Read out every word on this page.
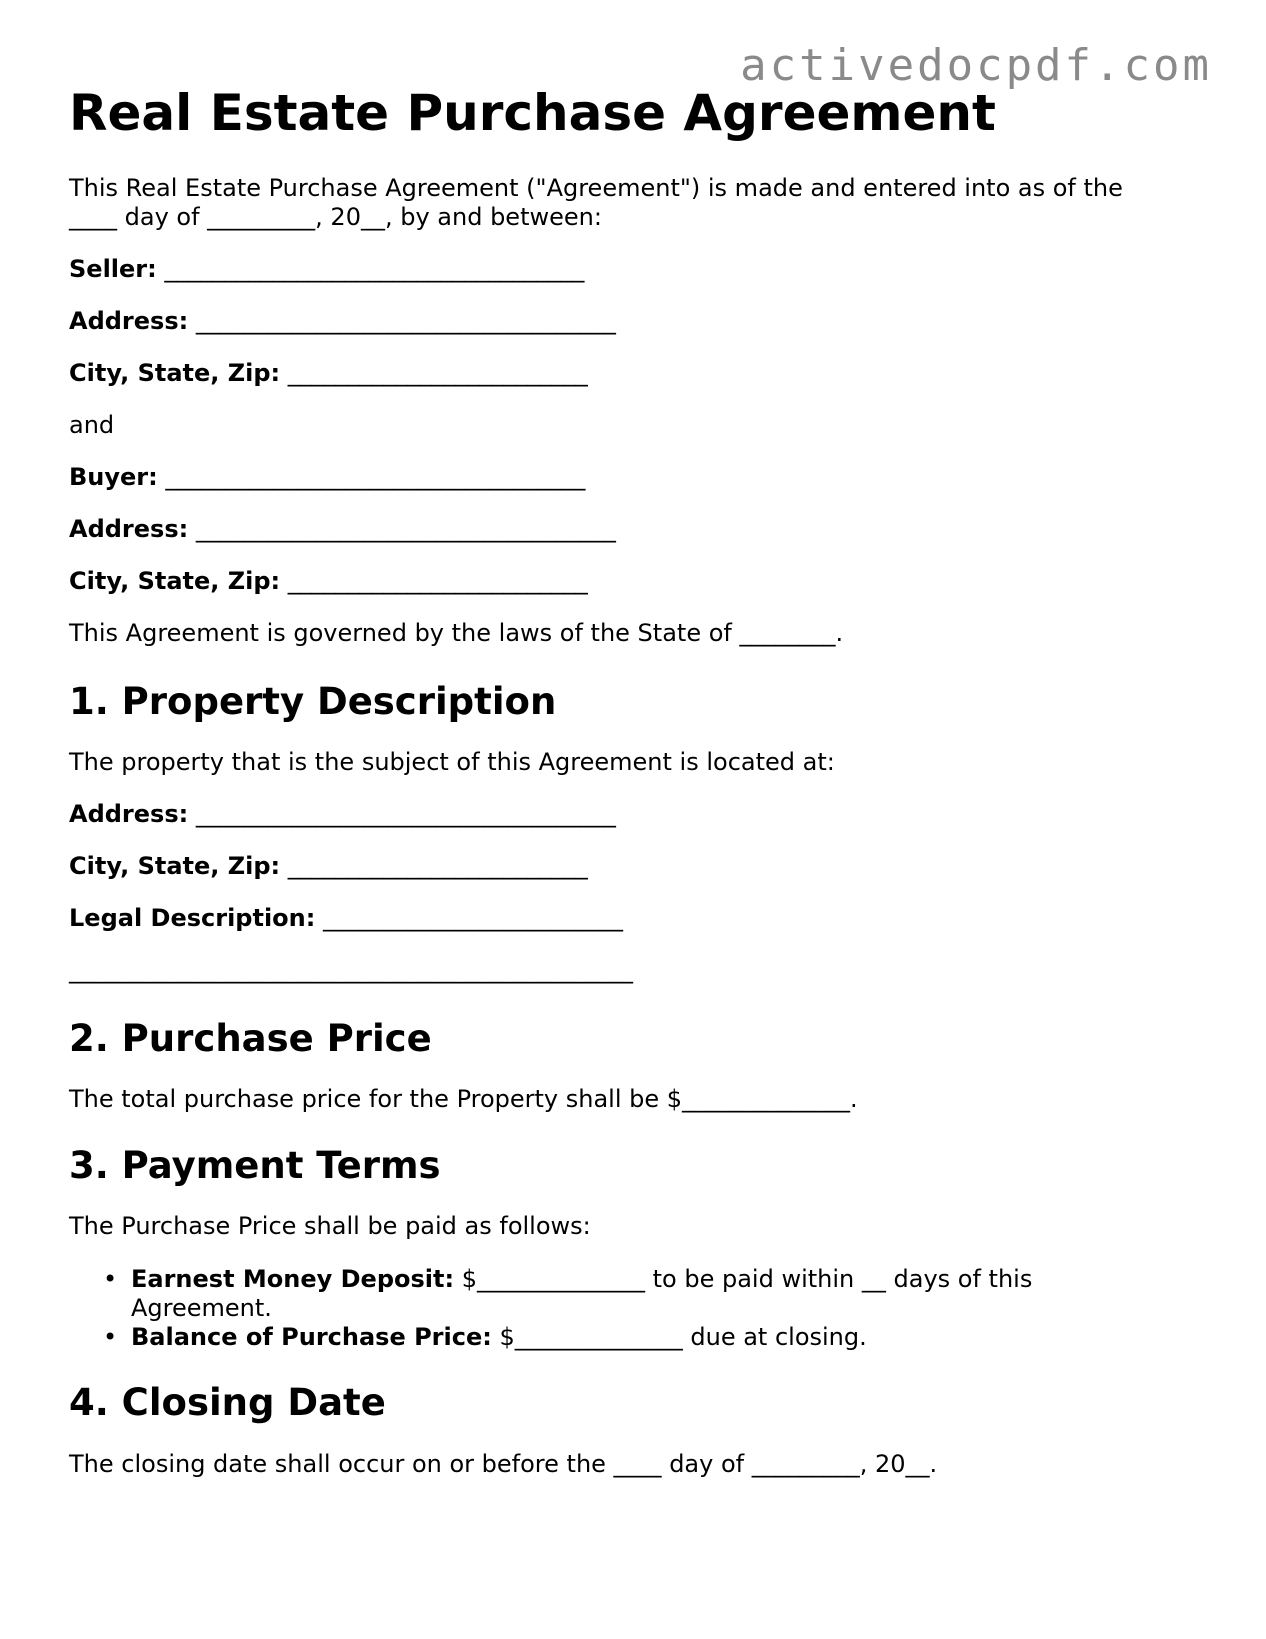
activedocpdf.com
Real Estate Purchase Agreement
This Real Estate Purchase Agreement ("Agreement") is made and entered into as of the
____ day of _________, 20__, by and between:
Seller: ___________________________________
Address: ___________________________________
City, State, Zip: _________________________
and
Buyer: ___________________________________
Address: ___________________________________
City, State, Zip: _________________________
This Agreement is governed by the laws of the State of ________.
1. Property Description
The property that is the subject of this Agreement is located at:
Address: ___________________________________
City, State, Zip: _________________________
Legal Description: _________________________
_______________________________________________
2. Purchase Price
The total purchase price for the Property shall be $______________.
3. Payment Terms
The Purchase Price shall be paid as follows:
• Earnest Money Deposit: $______________ to be paid within __ days of this
Agreement.
• Balance of Purchase Price: $______________ due at closing.
4. Closing Date
The closing date shall occur on or before the ____ day of _________, 20__.
